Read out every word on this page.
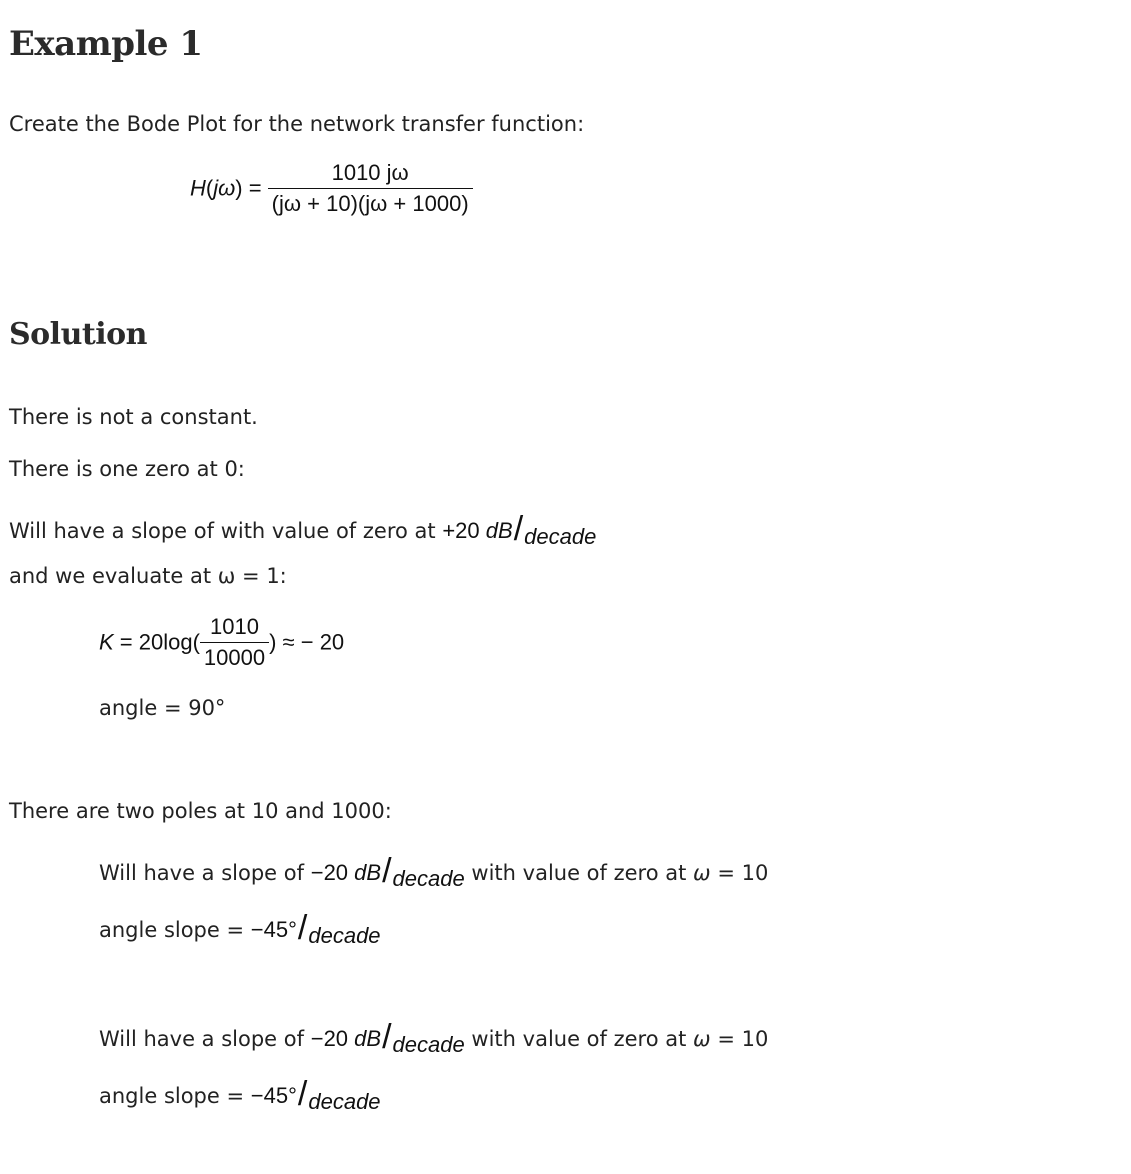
Example 1
Create the Bode Plot for the network transfer function:
$H(j\omega) = \frac{1010 j\omega}{(j\omega + 10)(j\omega + 1000)}$
Solution
There is not a constant.
There is one zero at 0:
Will have a slope of with value of zero at +20 dB/decade
and we evaluate at ω = 1:
$K = 20\log( \frac{1010}{10000}$ ) ≈ − 20
angle = 90°
There are two poles at 10 and 1000:
Will have a slope of −20 dB/decade with value of zero at ω = 10
angle slope = −45°/decade
Will have a slope of −20 dB/decade with value of zero at ω = 10
angle slope = −45°/decade
